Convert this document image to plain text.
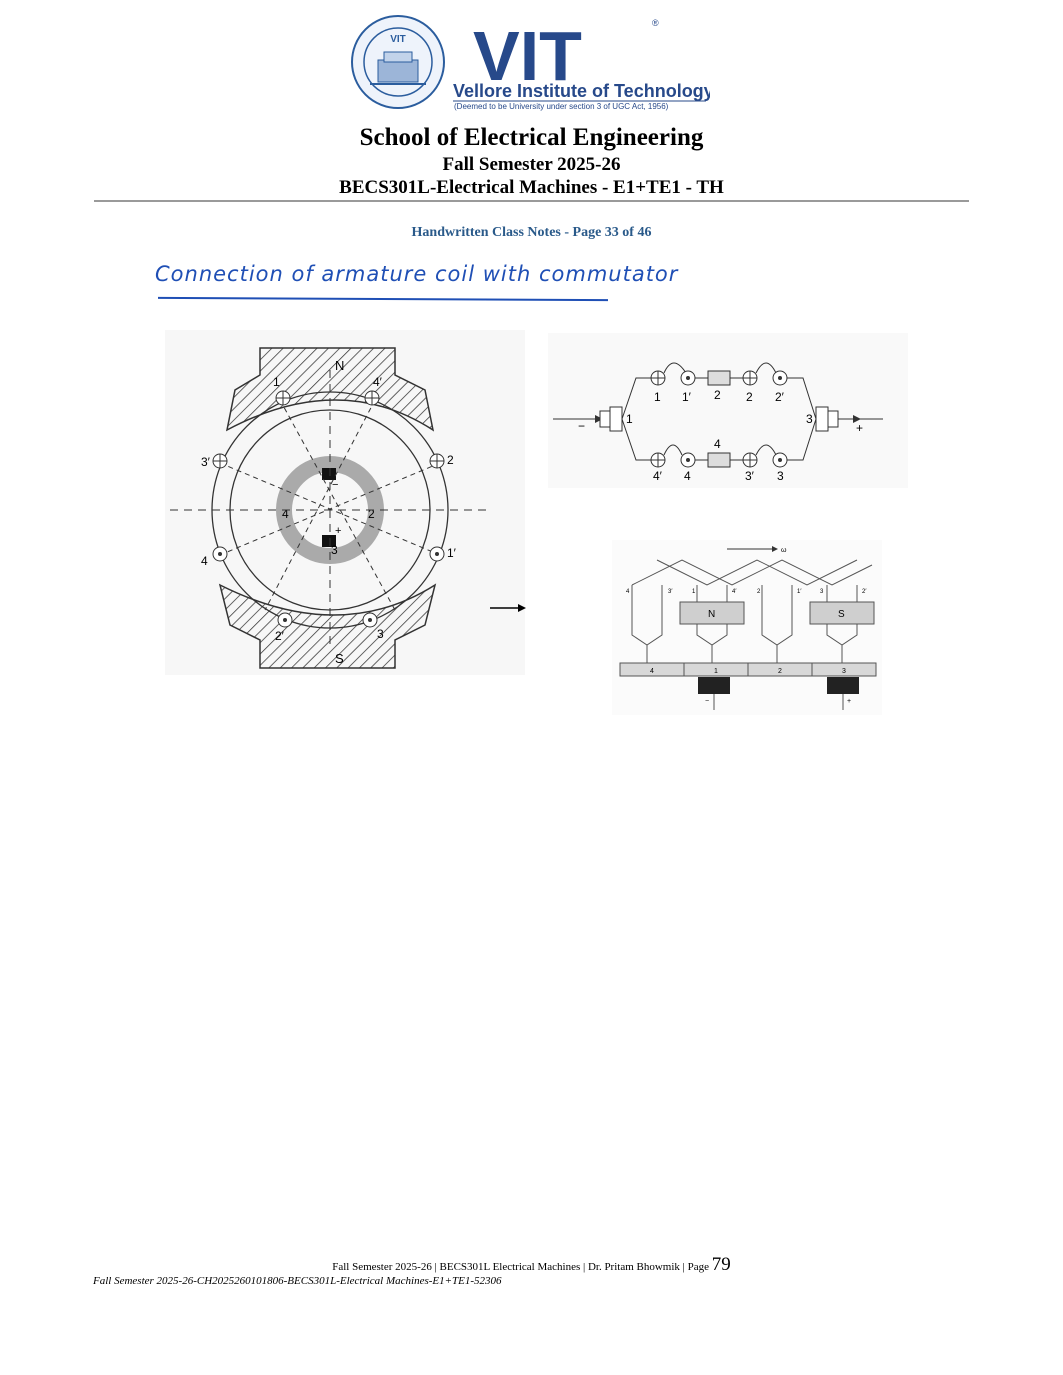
VIT VIT	®
Vellore Institute of Technology
(Deemed to be University under section 3 of UGC Act, 1956)
School of Electrical Engineering
Fall Semester 2025-26
BECS301L-Electrical Machines - E1+TE1 - TH
Handwritten Class Notes - Page 33 of 46
Connection of armature coil with commutator
N
S
−
+
4	2
3
1	4′
3′	2
4
1′
2′	3
−	1	3
+
1 1′ 2 2 2′
4
4′ 4	3′ 3
ω
4	3′	1	4′	2	1′	3	2′
N	S
4	1	2	3
−	+
Fall Semester 2025-26 | BECS301L Electrical Machines | Dr. Pritam Bhowmik | Page 79
Fall Semester 2025-26-CH2025260101806-BECS301L-Electrical Machines-E1+TE1-52306
